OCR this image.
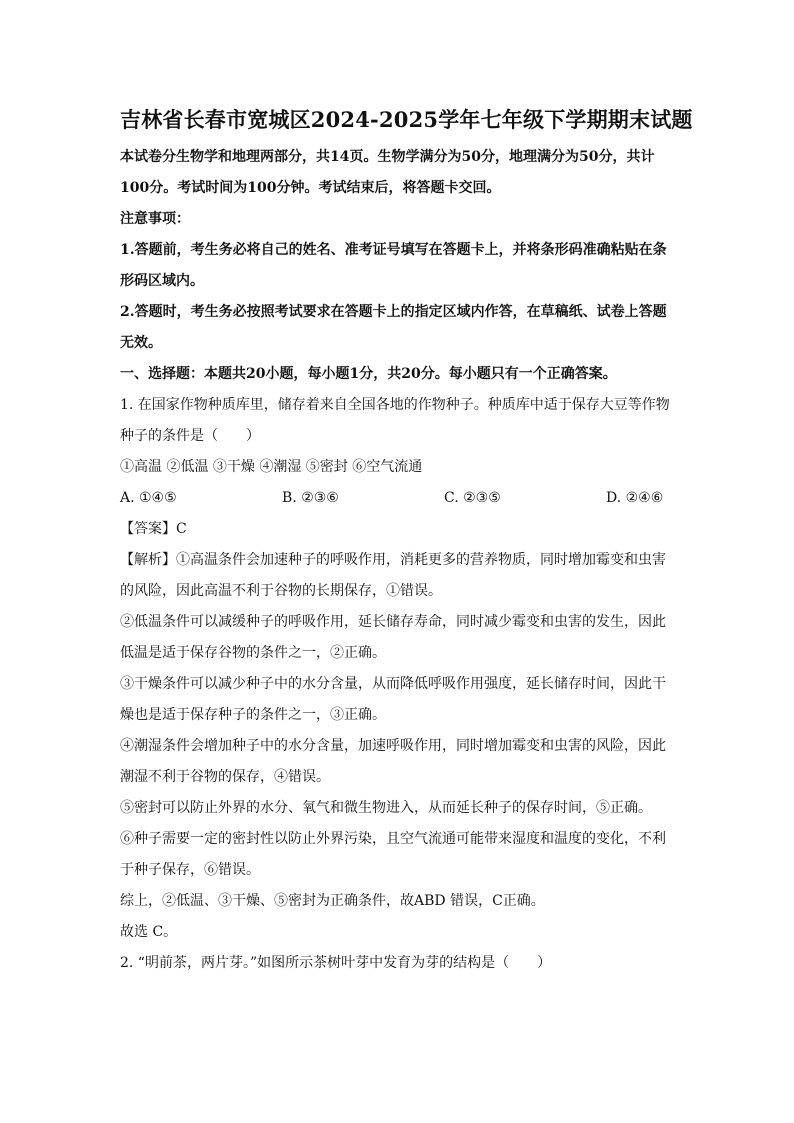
吉林省长春市宽城区2024-2025学年七年级下学期期末试题
本试卷分生物学和地理两部分，共14页。生物学满分为50分，地理满分为50分，共计
100分。考试时间为100分钟。考试结束后，将答题卡交回。
注意事项：
1.答题前，考生务必将自己的姓名、准考证号填写在答题卡上，并将条形码准确粘贴在条
形码区域内。
2.答题时，考生务必按照考试要求在答题卡上的指定区域内作答，在草稿纸、试卷上答题
无效。
一、选择题：本题共20小题，每小题1分，共20分。每小题只有一个正确答案。
1. 在国家作物种质库里，储存着来自全国各地的作物种子。种质库中适于保存大豆等作物
种子的条件是（　　）
①高温 ②低温 ③干燥 ④潮湿 ⑤密封 ⑥空气流通
A. ①④⑤	B. ②③⑥	C. ②③⑤	D. ②④⑥
【答案】C
【解析】①高温条件会加速种子的呼吸作用，消耗更多的营养物质，同时增加霉变和虫害
的风险，因此高温不利于谷物的长期保存，①错误。
②低温条件可以减缓种子的呼吸作用，延长储存寿命，同时减少霉变和虫害的发生，因此
低温是适于保存谷物的条件之一，②正确。
③干燥条件可以减少种子中的水分含量，从而降低呼吸作用强度，延长储存时间，因此干
燥也是适于保存种子的条件之一，③正确。
④潮湿条件会增加种子中的水分含量，加速呼吸作用，同时增加霉变和虫害的风险，因此
潮湿不利于谷物的保存，④错误。
⑤密封可以防止外界的水分、氧气和微生物进入，从而延长种子的保存时间，⑤正确。
⑥种子需要一定的密封性以防止外界污染，且空气流通可能带来湿度和温度的变化，不利
于种子保存，⑥错误。
综上，②低温、③干燥、⑤密封为正确条件，故ABD 错误，C正确。
故选 C。
2. “明前茶，两片芽。”如图所示茶树叶芽中发育为芽的结构是（　　）
